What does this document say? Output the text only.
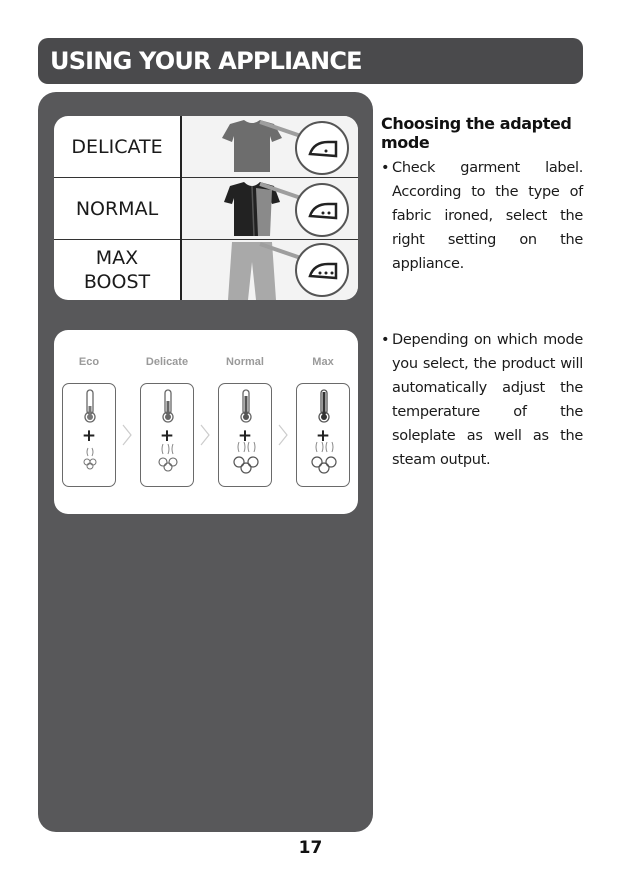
USING YOUR APPLIANCE
DELICATE
NORMAL
MAX
BOOST
Eco
+
Delicate
+
Normal
+
Max
+
Choosing the adapted mode
• Check garment label. According to the type of fabric ironed, select the right setting on the appliance.
• Depending on which mode you select, the product will automatically adjust the temperature of the soleplate as well as the steam output.
17
